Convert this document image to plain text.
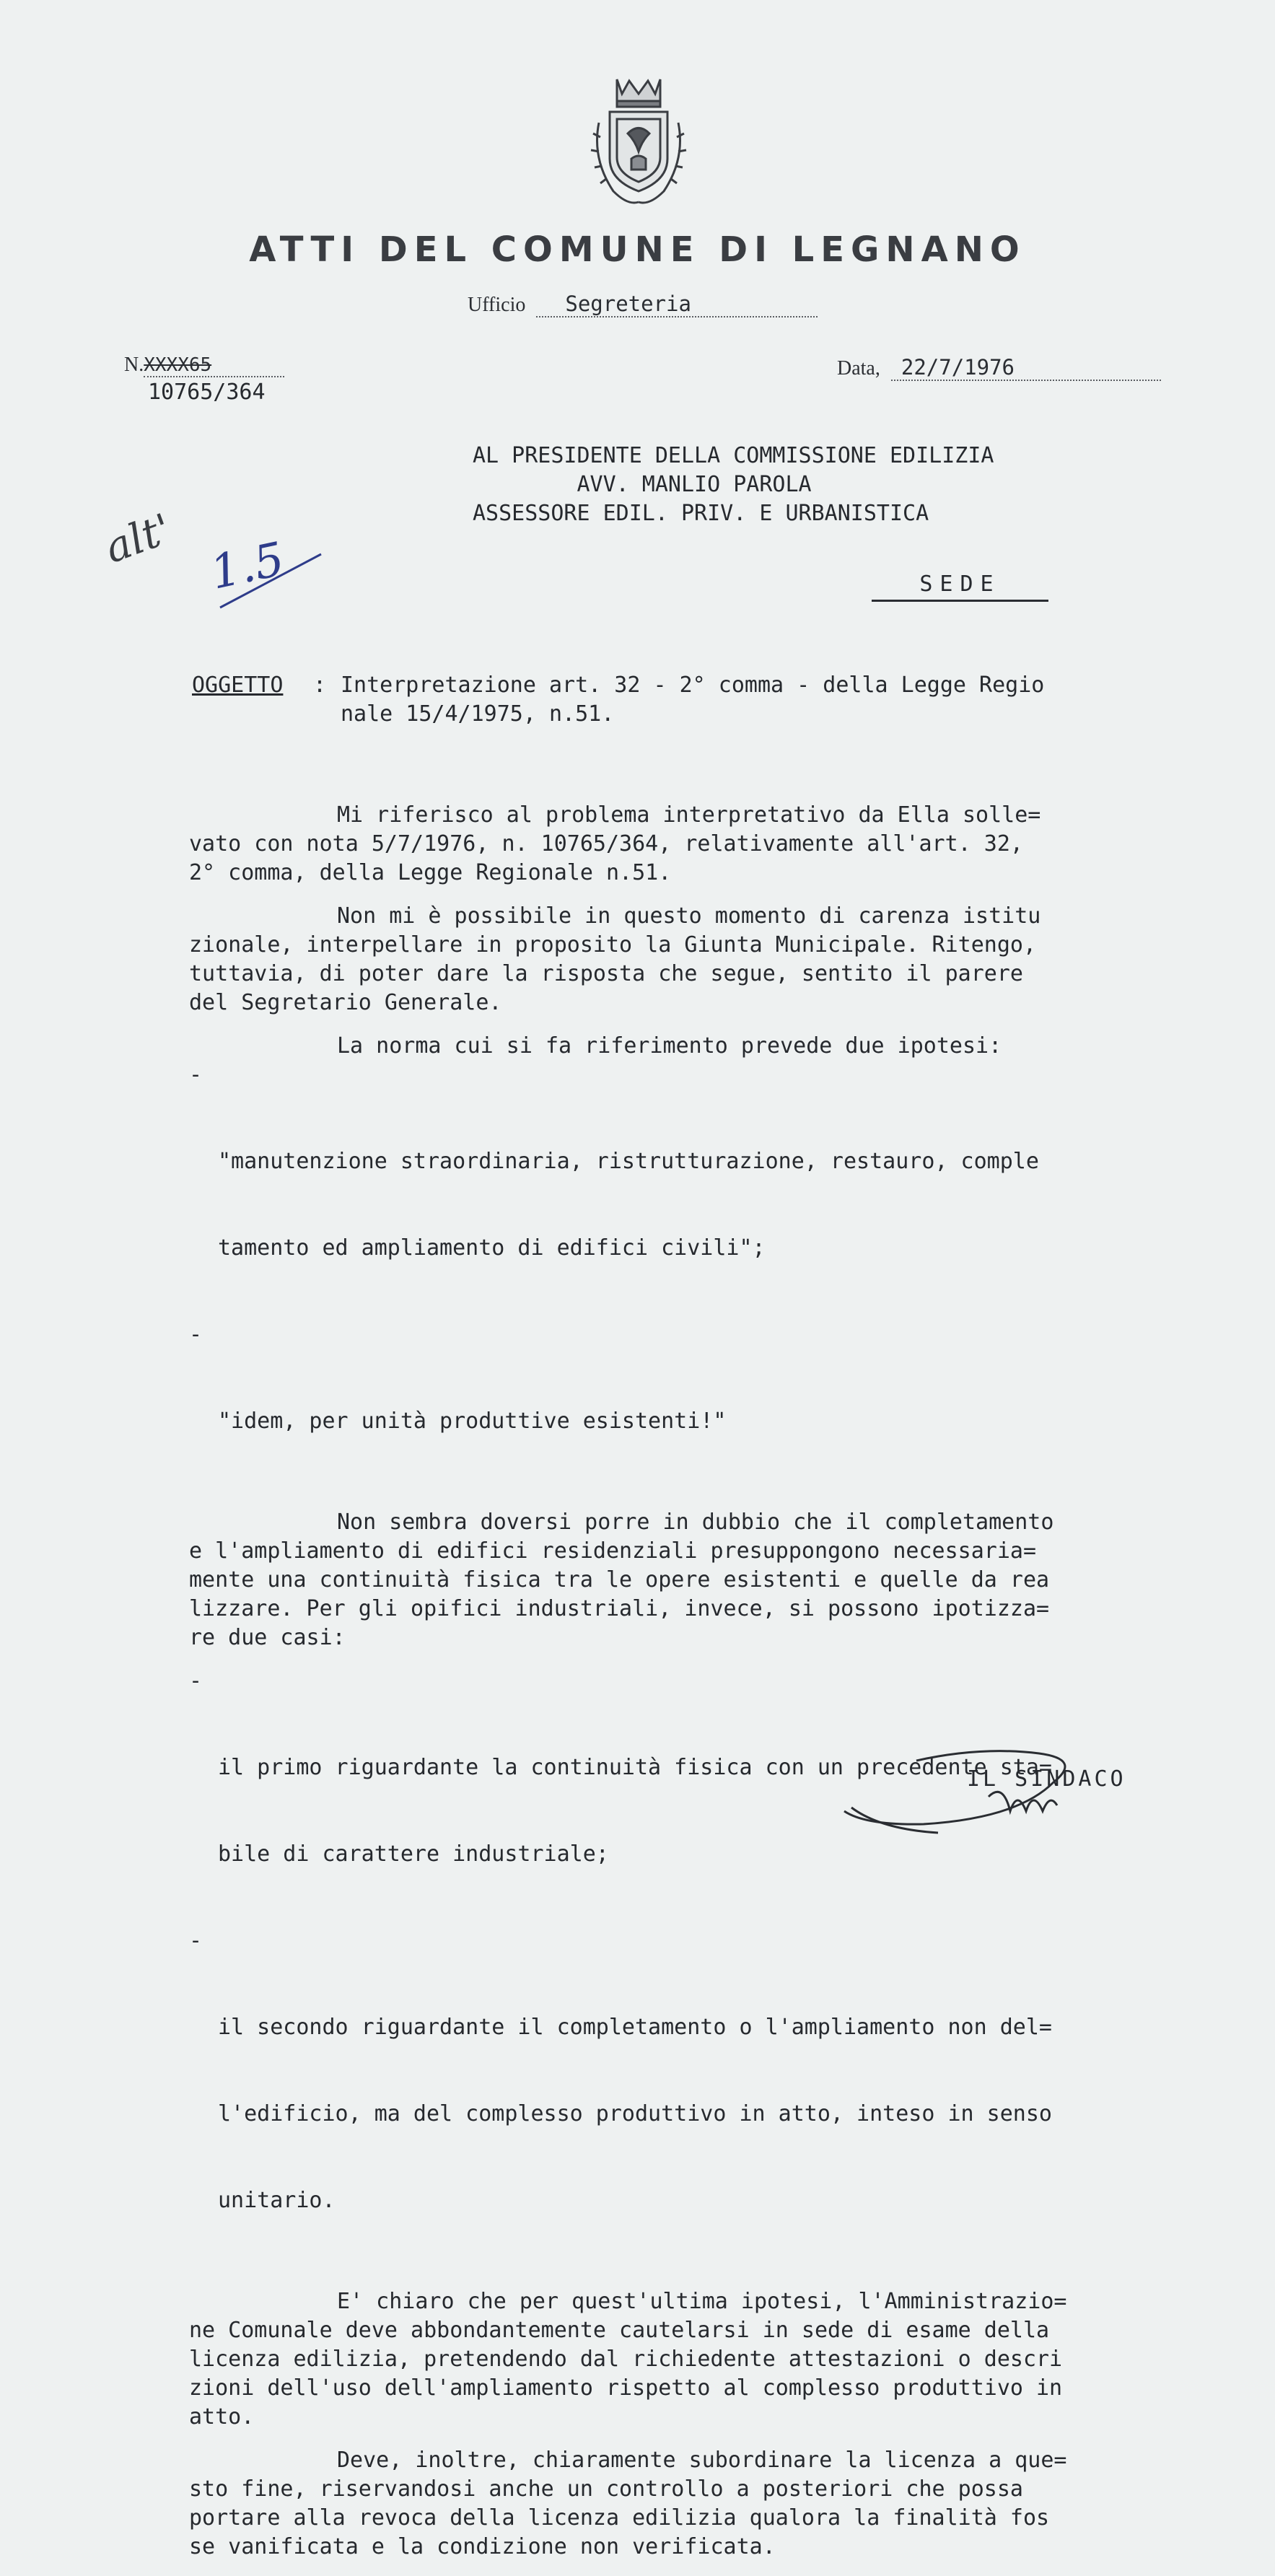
ATTI DEL COMUNE DI LEGNANO
Ufficio Segreteria
N.XXXX65
10765/364
Data, 22/7/1976
AL PRESIDENTE DELLA COMMISSIONE EDILIZIA
AVV. MANLIO PAROLA
ASSESSORE EDIL. PRIV. E URBANISTICA
SEDE
alt' 1.5
OGGETTO : Interpretazione art. 32 - 2° comma - della Legge Regio
nale 15/4/1975, n.51.
Mi riferisco al problema interpretativo da Ella solle=
vato con nota 5/7/1976, n. 10765/364, relativamente all'art. 32,
2° comma, della Legge Regionale n.51.
Non mi è possibile in questo momento di carenza istitu
zionale, interpellare in proposito la Giunta Municipale. Ritengo,
tuttavia, di poter dare la risposta che segue, sentito il parere
del Segretario Generale.
La norma cui si fa riferimento prevede due ipotesi:

-

"manutenzione straordinaria, ristrutturazione, restauro, comple

tamento ed ampliamento di edifici civili";

-

"idem, per unità produttive esistenti!"

Non sembra doversi porre in dubbio che il completamento
e l'ampliamento di edifici residenziali presuppongono necessaria=
mente una continuità fisica tra le opere esistenti e quelle da rea
lizzare. Per gli opifici industriali, invece, si possono ipotizza=
re due casi:

-

il primo riguardante la continuità fisica con un precedente sta=

bile di carattere industriale;

-

il secondo riguardante il completamento o l'ampliamento non del=

l'edificio, ma del complesso produttivo in atto, inteso in senso

unitario.

E' chiaro che per quest'ultima ipotesi, l'Amministrazio=
ne Comunale deve abbondantemente cautelarsi in sede di esame della
licenza edilizia, pretendendo dal richiedente attestazioni o descri
zioni dell'uso dell'ampliamento rispetto al complesso produttivo in
atto.
Deve, inoltre, chiaramente subordinare la licenza a que=
sto fine, riservandosi anche un controllo a posteriori che possa
portare alla revoca della licenza edilizia qualora la finalità fos
se vanificata e la condizione non verificata.
IL SINDACO
